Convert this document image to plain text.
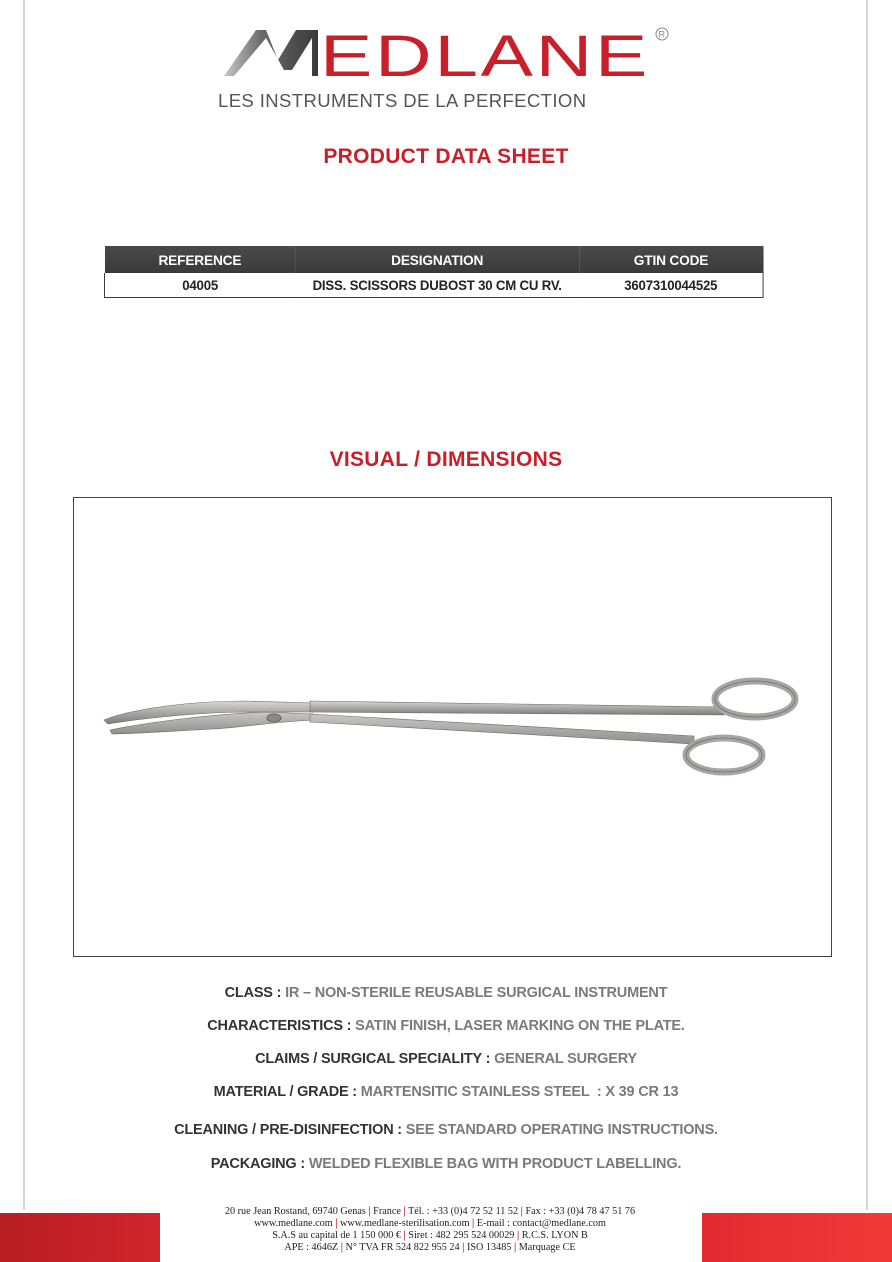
EDLANE R
LES INSTRUMENTS DE LA PERFECTION
PRODUCT DATA SHEET
REFERENCE	DESIGNATION	GTIN CODE
04005	DISS. SCISSORS DUBOST 30 CM CU RV.	3607310044525
VISUAL / DIMENSIONS
CLASS : IR – NON-STERILE REUSABLE SURGICAL INSTRUMENT
CHARACTERISTICS : SATIN FINISH, LASER MARKING ON THE PLATE.
CLAIMS / SURGICAL SPECIALITY : GENERAL SURGERY
MATERIAL / GRADE : MARTENSITIC STAINLESS STEEL  : X 39 CR 13
CLEANING / PRE-DISINFECTION : SEE STANDARD OPERATING INSTRUCTIONS.
PACKAGING : WELDED FLEXIBLE BAG WITH PRODUCT LABELLING.
20 rue Jean Rostand, 69740 Genas | France | Tél. : +33 (0)4 72 52 11 52 | Fax : +33 (0)4 78 47 51 76
www.medlane.com | www.medlane-sterilisation.com | E-mail : contact@medlane.com
S.A.S au capital de 1 150 000 € | Siret : 482 295 524 00029 | R.C.S. LYON B
APE : 4646Z | N° TVA FR 524 822 955 24 | ISO 13485 | Marquage CE
